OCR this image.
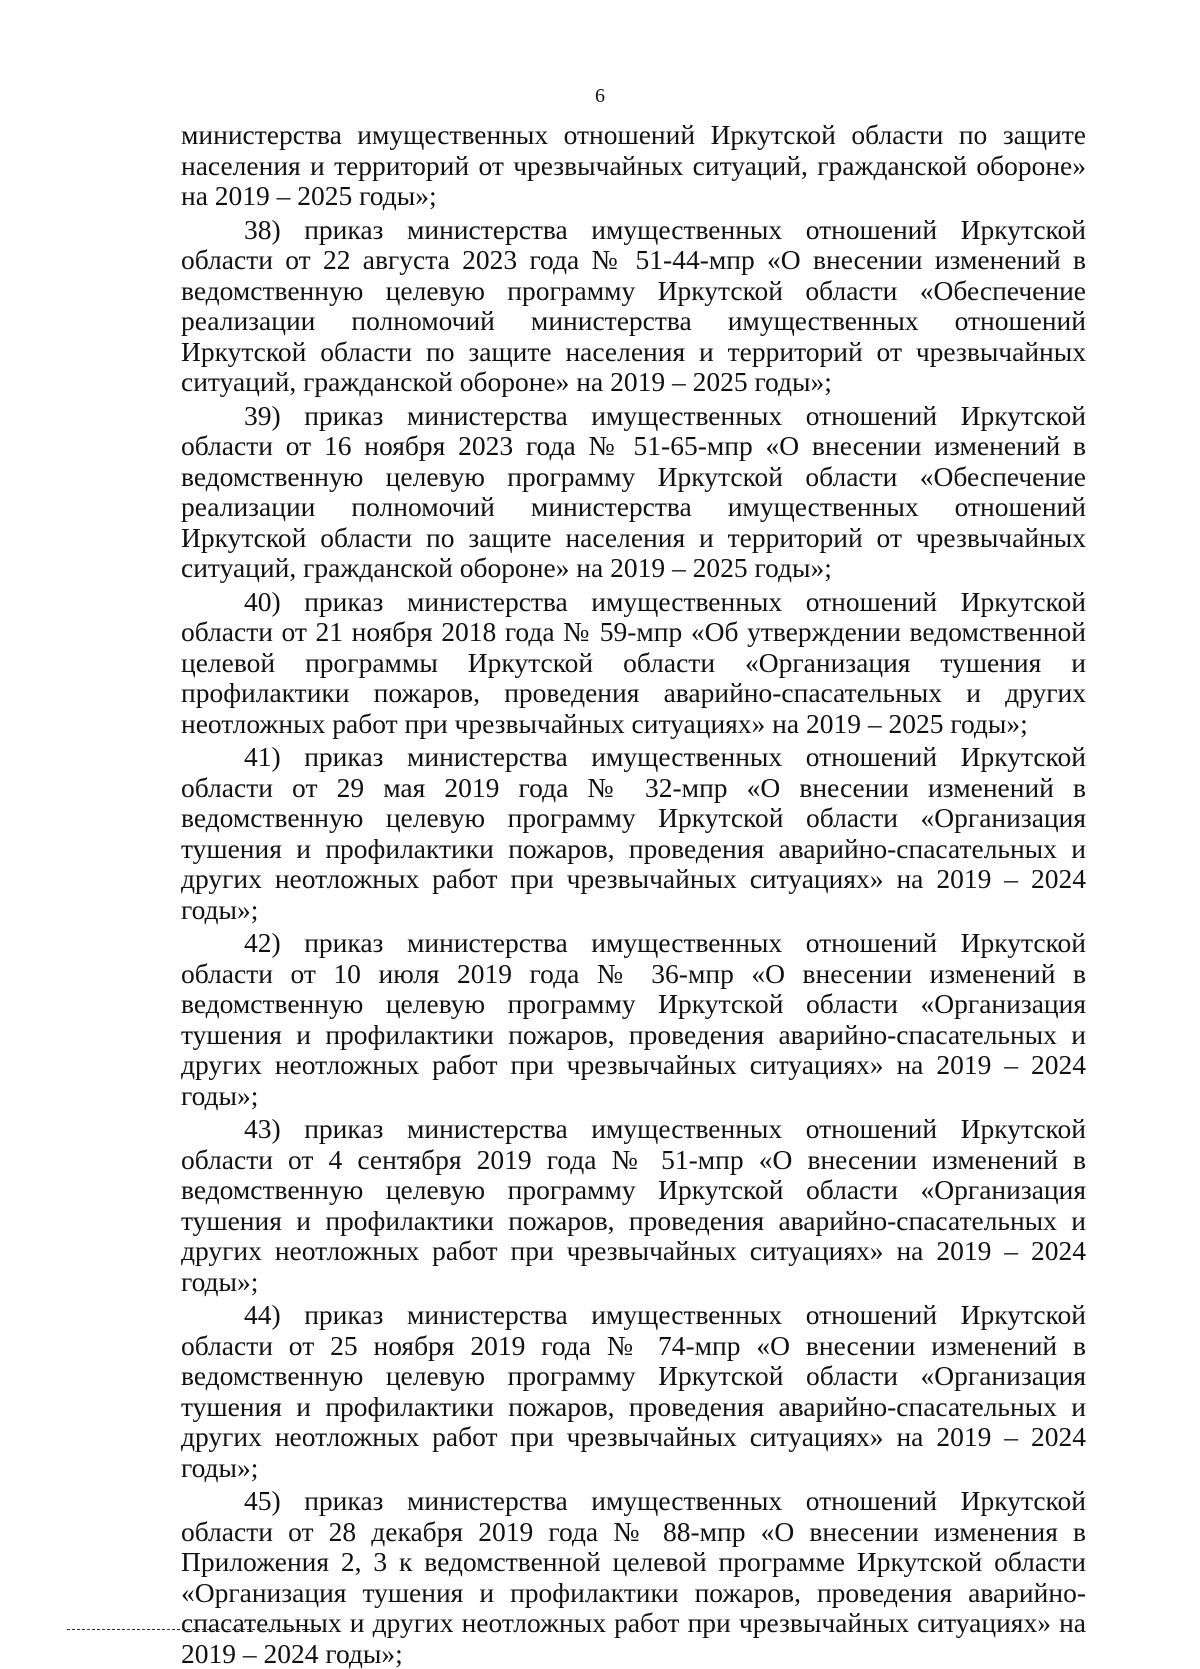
6

министерства имущественных отношений Иркутской области по защите населения и территорий от чрезвычайных ситуаций, гражданской обороне» на 2019 – 2025 годы»;

38) приказ министерства имущественных отношений Иркутской области от 22 августа 2023 года № 51-44-мпр «О внесении изменений в ведомственную целевую программу Иркутской области «Обеспечение реализации полномочий министерства имущественных отношений Иркутской области по защите населения и территорий от чрезвычайных ситуаций, гражданской обороне» на 2019 – 2025 годы»;

39) приказ министерства имущественных отношений Иркутской области от 16 ноября 2023 года № 51-65-мпр «О внесении изменений в ведомственную целевую программу Иркутской области «Обеспечение реализации полномочий министерства имущественных отношений Иркутской области по защите населения и территорий от чрезвычайных ситуаций, гражданской обороне» на 2019 – 2025 годы»;

40) приказ министерства имущественных отношений Иркутской области от 21 ноября 2018 года № 59-мпр «Об утверждении ведомственной целевой программы Иркутской области «Организация тушения и профилактики пожаров, проведения аварийно-спасательных и других неотложных работ при чрезвычайных ситуациях» на 2019 – 2025 годы»;

41) приказ министерства имущественных отношений Иркутской области от 29 мая 2019 года № 32-мпр «О внесении изменений в ведомственную целевую программу Иркутской области «Организация тушения и профилактики пожаров, проведения аварийно-спасательных и других неотложных работ при чрезвычайных ситуациях» на 2019 – 2024 годы»;

42) приказ министерства имущественных отношений Иркутской области от 10 июля 2019 года № 36-мпр «О внесении изменений в ведомственную целевую программу Иркутской области «Организация тушения и профилактики пожаров, проведения аварийно-спасательных и других неотложных работ при чрезвычайных ситуациях» на 2019 – 2024 годы»;

43) приказ министерства имущественных отношений Иркутской области от 4 сентября 2019 года № 51-мпр «О внесении изменений в ведомственную целевую программу Иркутской области «Организация тушения и профилактики пожаров, проведения аварийно-спасательных и других неотложных работ при чрезвычайных ситуациях» на 2019 – 2024 годы»;

44) приказ министерства имущественных отношений Иркутской области от 25 ноября 2019 года № 74-мпр «О внесении изменений в ведомственную целевую программу Иркутской области «Организация тушения и профилактики пожаров, проведения аварийно-спасательных и других неотложных работ при чрезвычайных ситуациях» на 2019 – 2024 годы»;

45) приказ министерства имущественных отношений Иркутской области от 28 декабря 2019 года № 88-мпр «О внесении изменения в Приложения 2, 3 к ведомственной целевой программе Иркутской области «Организация тушения и профилактики пожаров, проведения аварийно-спасательных и других неотложных работ при чрезвычайных ситуациях» на 2019 – 2024 годы»;
